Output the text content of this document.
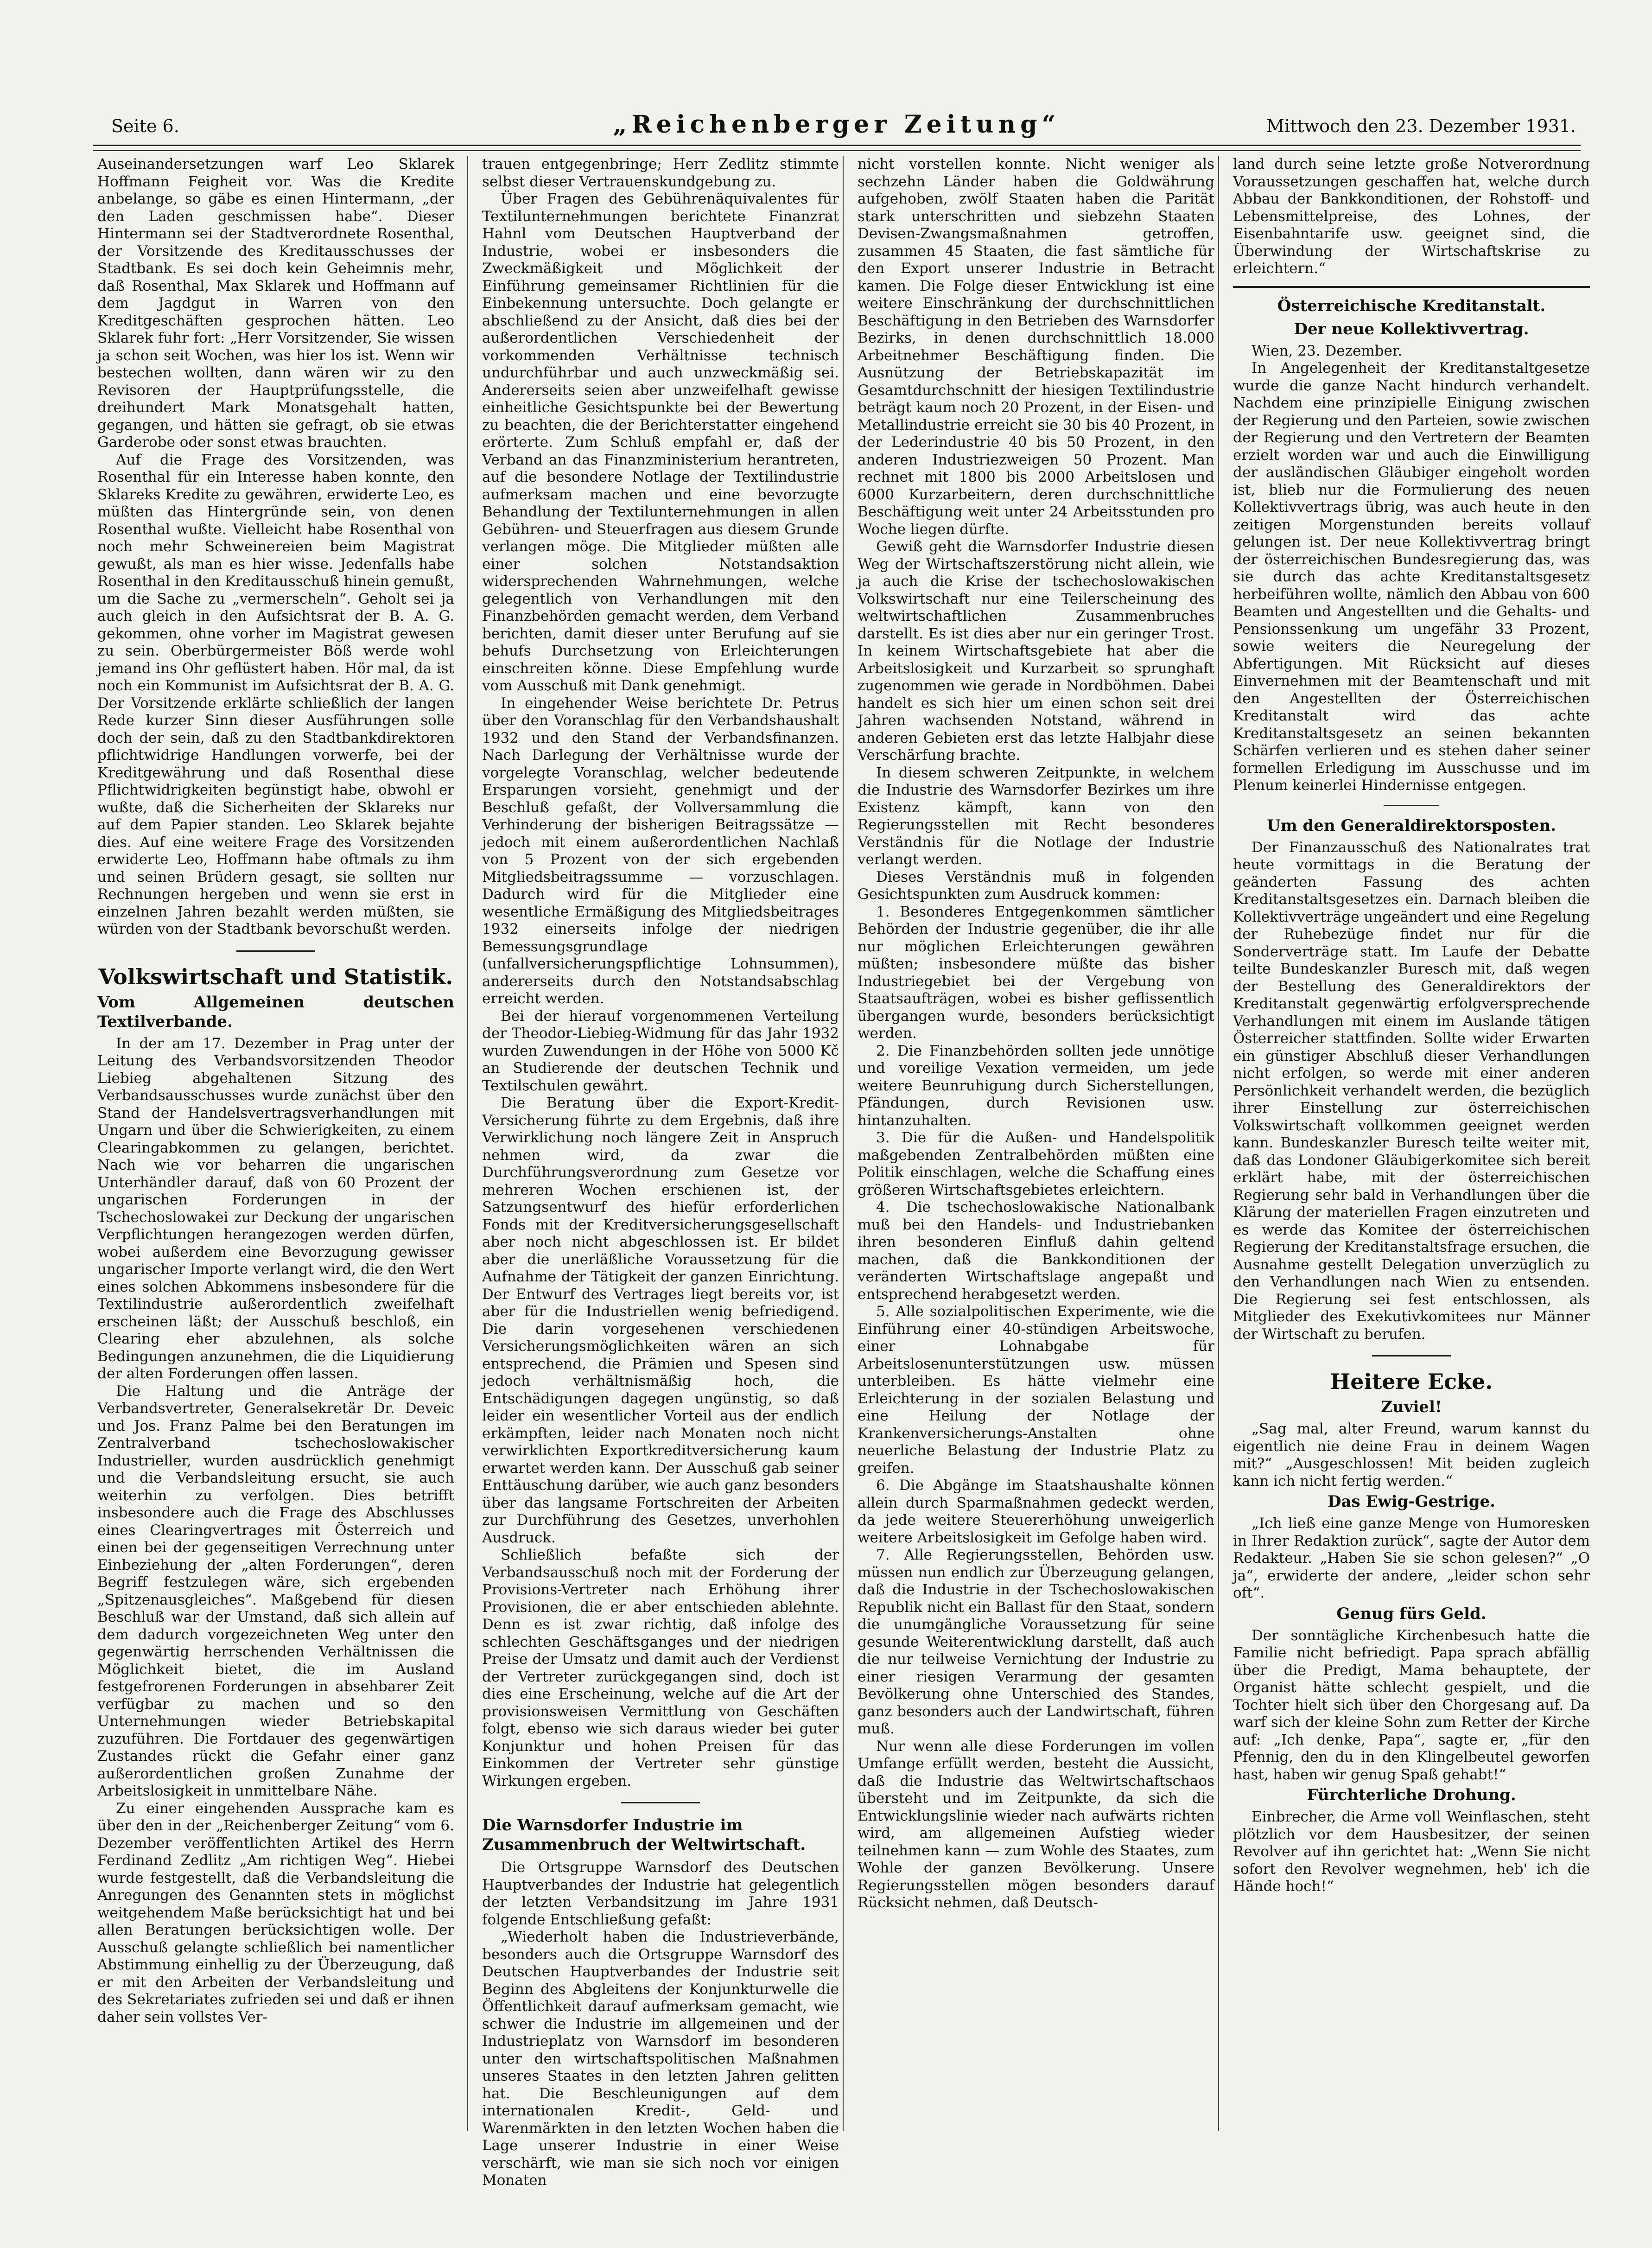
Seite 6.	„Reichenberger Zeitung“	Mittwoch den 23. Dezember 1931.

Auseinandersetzungen warf Leo Sklarek Hoffmann Feigheit vor. Was die Kredite anbelange, so gäbe es einen Hintermann, „der den Laden geschmissen habe“. Dieser Hintermann sei der Stadtverordnete Rosenthal, der Vorsitzende des Kreditausschusses der Stadtbank. Es sei doch kein Geheimnis mehr, daß Rosenthal, Max Sklarek und Hoffmann auf dem Jagdgut in Warren von den Kreditgeschäften gesprochen hätten. Leo Sklarek fuhr fort: „Herr Vorsitzender, Sie wissen ja schon seit Wochen, was hier los ist. Wenn wir bestechen wollten, dann wären wir zu den Revisoren der Hauptprüfungsstelle, die dreihundert Mark Monatsgehalt hatten, gegangen, und hätten sie gefragt, ob sie etwas Garderobe oder sonst etwas brauchten.

Auf die Frage des Vorsitzenden, was Rosenthal für ein Interesse haben konnte, den Sklareks Kredite zu gewähren, erwiderte Leo, es müßten das Hintergründe sein, von denen Rosenthal wußte. Vielleicht habe Rosenthal von noch mehr Schweinereien beim Magistrat gewußt, als man es hier wisse. Jedenfalls habe Rosenthal in den Kreditausschuß hinein gemußt, um die Sache zu „vermerscheln“. Geholt sei ja auch gleich in den Aufsichtsrat der B. A. G. gekommen, ohne vorher im Magistrat gewesen zu sein. Oberbürgermeister Böß werde wohl jemand ins Ohr geflüstert haben. Hör mal, da ist noch ein Kommunist im Aufsichtsrat der B. A. G. Der Vorsitzende erklärte schließlich der langen Rede kurzer Sinn dieser Ausführungen solle doch der sein, daß zu den Stadtbankdirektoren pflichtwidrige Handlungen vorwerfe, bei der Kreditgewährung und daß Rosenthal diese Pflichtwidrigkeiten begünstigt habe, obwohl er wußte, daß die Sicherheiten der Sklareks nur auf dem Papier standen. Leo Sklarek bejahte dies. Auf eine weitere Frage des Vorsitzenden erwiderte Leo, Hoffmann habe oftmals zu ihm und seinen Brüdern gesagt, sie sollten nur Rechnungen hergeben und wenn sie erst in einzelnen Jahren bezahlt werden müßten, sie würden von der Stadtbank bevorschußt werden.

Volkswirtschaft und Statistik.
Vom Allgemeinen deutschen Textilverbande.

In der am 17. Dezember in Prag unter der Leitung des Verbandsvorsitzenden Theodor Liebieg abgehaltenen Sitzung des Verbandsausschusses wurde zunächst über den Stand der Handelsvertragsverhandlungen mit Ungarn und über die Schwierigkeiten, zu einem Clearingabkommen zu gelangen, berichtet. Nach wie vor beharren die ungarischen Unterhändler darauf, daß von 60 Prozent der ungarischen Forderungen in der Tschechoslowakei zur Deckung der ungarischen Verpflichtungen herangezogen werden dürfen, wobei außerdem eine Bevorzugung gewisser ungarischer Importe verlangt wird, die den Wert eines solchen Abkommens insbesondere für die Textilindustrie außerordentlich zweifelhaft erscheinen läßt; der Ausschuß beschloß, ein Clearing eher abzulehnen, als solche Bedingungen anzunehmen, die die Liquidierung der alten Forderungen offen lassen.

Die Haltung und die Anträge der Verbandsvertreter, Generalsekretär Dr. Deveic und Jos. Franz Palme bei den Beratungen im Zentralverband tschechoslowakischer Industrieller, wurden ausdrücklich genehmigt und die Verbandsleitung ersucht, sie auch weiterhin zu verfolgen. Dies betrifft insbesondere auch die Frage des Abschlusses eines Clearingvertrages mit Österreich und einen bei der gegenseitigen Verrechnung unter Einbeziehung der „alten Forderungen“, deren Begriff festzulegen wäre, sich ergebenden „Spitzenausgleiches“. Maßgebend für diesen Beschluß war der Umstand, daß sich allein auf dem dadurch vorgezeichneten Weg unter den gegenwärtig herrschenden Verhältnissen die Möglichkeit bietet, die im Ausland festgefrorenen Forderungen in absehbarer Zeit verfügbar zu machen und so den Unternehmungen wieder Betriebskapital zuzuführen. Die Fortdauer des gegenwärtigen Zustandes rückt die Gefahr einer ganz außerordentlichen großen Zunahme der Arbeitslosigkeit in unmittelbare Nähe.

Zu einer eingehenden Aussprache kam es über den in der „Reichenberger Zeitung“ vom 6. Dezember veröffentlichten Artikel des Herrn Ferdinand Zedlitz „Am richtigen Weg“. Hiebei wurde festgestellt, daß die Verbandsleitung die Anregungen des Genannten stets in möglichst weitgehendem Maße berücksichtigt hat und bei allen Beratungen berücksichtigen wolle. Der Ausschuß gelangte schließlich bei namentlicher Abstimmung einhellig zu der Überzeugung, daß er mit den Arbeiten der Verbandsleitung und des Sekretariates zufrieden sei und daß er ihnen daher sein vollstes Ver-

trauen entgegenbringe; Herr Zedlitz stimmte selbst dieser Vertrauenskundgebung zu.

Über Fragen des Gebührenäquivalentes für Textilunternehmungen berichtete Finanzrat Hahnl vom Deutschen Hauptverband der Industrie, wobei er insbesonders die Zweckmäßigkeit und Möglichkeit der Einführung gemeinsamer Richtlinien für die Einbekennung untersuchte. Doch gelangte er abschließend zu der Ansicht, daß dies bei der außerordentlichen Verschiedenheit der vorkommenden Verhältnisse technisch undurchführbar und auch unzweckmäßig sei. Andererseits seien aber unzweifelhaft gewisse einheitliche Gesichtspunkte bei der Bewertung zu beachten, die der Berichterstatter eingehend erörterte. Zum Schluß empfahl er, daß der Verband an das Finanzministerium herantreten, auf die besondere Notlage der Textilindustrie aufmerksam machen und eine bevorzugte Behandlung der Textilunternehmungen in allen Gebühren- und Steuerfragen aus diesem Grunde verlangen möge. Die Mitglieder müßten alle einer solchen Notstandsaktion widersprechenden Wahrnehmungen, welche gelegentlich von Verhandlungen mit den Finanzbehörden gemacht werden, dem Verband berichten, damit dieser unter Berufung auf sie behufs Durchsetzung von Erleichterungen einschreiten könne. Diese Empfehlung wurde vom Ausschuß mit Dank genehmigt.

In eingehender Weise berichtete Dr. Petrus über den Voranschlag für den Verbandshaushalt 1932 und den Stand der Verbandsfinanzen. Nach Darlegung der Verhältnisse wurde der vorgelegte Voranschlag, welcher bedeutende Ersparungen vorsieht, genehmigt und der Beschluß gefaßt, der Vollversammlung die Verhinderung der bisherigen Beitragssätze — jedoch mit einem außerordentlichen Nachlaß von 5 Prozent von der sich ergebenden Mitgliedsbeitragssumme — vorzuschlagen. Dadurch wird für die Mitglieder eine wesentliche Ermäßigung des Mitgliedsbeitrages 1932 einerseits infolge der niedrigen Bemessungsgrundlage (unfallversicherungspflichtige Lohnsummen), andererseits durch den Notstandsabschlag erreicht werden.

Bei der hierauf vorgenommenen Verteilung der Theodor-Liebieg-Widmung für das Jahr 1932 wurden Zuwendungen in der Höhe von 5000 Kč an Studierende der deutschen Technik und Textilschulen gewährt.

Die Beratung über die Export-Kredit-Versicherung führte zu dem Ergebnis, daß ihre Verwirklichung noch längere Zeit in Anspruch nehmen wird, da zwar die Durchführungsverordnung zum Gesetze vor mehreren Wochen erschienen ist, der Satzungsentwurf des hiefür erforderlichen Fonds mit der Kreditversicherungsgesellschaft aber noch nicht abgeschlossen ist. Er bildet aber die unerläßliche Voraussetzung für die Aufnahme der Tätigkeit der ganzen Einrichtung. Der Entwurf des Vertrages liegt bereits vor, ist aber für die Industriellen wenig befriedigend. Die darin vorgesehenen verschiedenen Versicherungsmöglichkeiten wären an sich entsprechend, die Prämien und Spesen sind jedoch verhältnismäßig hoch, die Entschädigungen dagegen ungünstig, so daß leider ein wesentlicher Vorteil aus der endlich erkämpften, leider nach Monaten noch nicht verwirklichten Exportkreditversicherung kaum erwartet werden kann. Der Ausschuß gab seiner Enttäuschung darüber, wie auch ganz besonders über das langsame Fortschreiten der Arbeiten zur Durchführung des Gesetzes, unverhohlen Ausdruck.

Schließlich befaßte sich der Verbandsausschuß noch mit der Forderung der Provisions-Vertreter nach Erhöhung ihrer Provisionen, die er aber entschieden ablehnte. Denn es ist zwar richtig, daß infolge des schlechten Geschäftsganges und der niedrigen Preise der Umsatz und damit auch der Verdienst der Vertreter zurückgegangen sind, doch ist dies eine Erscheinung, welche auf die Art der provisionsweisen Vermittlung von Geschäften folgt, ebenso wie sich daraus wieder bei guter Konjunktur und hohen Preisen für das Einkommen der Vertreter sehr günstige Wirkungen ergeben.

Die Warnsdorfer Industrie im Zusammenbruch der Weltwirtschaft.

Die Ortsgruppe Warnsdorf des Deutschen Hauptverbandes der Industrie hat gelegentlich der letzten Verbandsitzung im Jahre 1931 folgende Entschließung gefaßt:

„Wiederholt haben die Industrieverbände, besonders auch die Ortsgruppe Warnsdorf des Deutschen Hauptverbandes der Industrie seit Beginn des Abgleitens der Konjunkturwelle die Öffentlichkeit darauf aufmerksam gemacht, wie schwer die Industrie im allgemeinen und der Industrieplatz von Warnsdorf im besonderen unter den wirtschaftspolitischen Maßnahmen unseres Staates in den letzten Jahren gelitten hat. Die Beschleunigungen auf dem internationalen Kredit-, Geld- und Warenmärkten in den letzten Wochen haben die Lage unserer Industrie in einer Weise verschärft, wie man sie sich noch vor einigen Monaten

nicht vorstellen konnte. Nicht weniger als sechzehn Länder haben die Goldwährung aufgehoben, zwölf Staaten haben die Parität stark unterschritten und siebzehn Staaten Devisen-Zwangsmaßnahmen getroffen, zusammen 45 Staaten, die fast sämtliche für den Export unserer Industrie in Betracht kamen. Die Folge dieser Entwicklung ist eine weitere Einschränkung der durchschnittlichen Beschäftigung in den Betrieben des Warnsdorfer Bezirks, in denen durchschnittlich 18.000 Arbeitnehmer Beschäftigung finden. Die Ausnützung der Betriebskapazität im Gesamtdurchschnitt der hiesigen Textilindustrie beträgt kaum noch 20 Prozent, in der Eisen- und Metallindustrie erreicht sie 30 bis 40 Prozent, in der Lederindustrie 40 bis 50 Prozent, in den anderen Industriezweigen 50 Prozent. Man rechnet mit 1800 bis 2000 Arbeitslosen und 6000 Kurzarbeitern, deren durchschnittliche Beschäftigung weit unter 24 Arbeitsstunden pro Woche liegen dürfte.

Gewiß geht die Warnsdorfer Industrie diesen Weg der Wirtschaftszerstörung nicht allein, wie ja auch die Krise der tschechoslowakischen Volkswirtschaft nur eine Teilerscheinung des weltwirtschaftlichen Zusammenbruches darstellt. Es ist dies aber nur ein geringer Trost. In keinem Wirtschaftsgebiete hat aber die Arbeitslosigkeit und Kurzarbeit so sprunghaft zugenommen wie gerade in Nordböhmen. Dabei handelt es sich hier um einen schon seit drei Jahren wachsenden Notstand, während in anderen Gebieten erst das letzte Halbjahr diese Verschärfung brachte.

In diesem schweren Zeitpunkte, in welchem die Industrie des Warnsdorfer Bezirkes um ihre Existenz kämpft, kann von den Regierungsstellen mit Recht besonderes Verständnis für die Notlage der Industrie verlangt werden.

Dieses Verständnis muß in folgenden Gesichtspunkten zum Ausdruck kommen:

1. Besonderes Entgegenkommen sämtlicher Behörden der Industrie gegenüber, die ihr alle nur möglichen Erleichterungen gewähren müßten; insbesondere müßte das bisher Industriegebiet bei der Vergebung von Staatsaufträgen, wobei es bisher geflissentlich übergangen wurde, besonders berücksichtigt werden.

2. Die Finanzbehörden sollten jede unnötige und voreilige Vexation vermeiden, um jede weitere Beunruhigung durch Sicherstellungen, Pfändungen, durch Revisionen usw. hintanzuhalten.

3. Die für die Außen- und Handelspolitik maßgebenden Zentralbehörden müßten eine Politik einschlagen, welche die Schaffung eines größeren Wirtschaftsgebietes erleichtern.

4. Die tschechoslowakische Nationalbank muß bei den Handels- und Industriebanken ihren besonderen Einfluß dahin geltend machen, daß die Bankkonditionen der veränderten Wirtschaftslage angepaßt und entsprechend herabgesetzt werden.

5. Alle sozialpolitischen Experimente, wie die Einführung einer 40-stündigen Arbeitswoche, einer Lohnabgabe für Arbeitslosenunterstützungen usw. müssen unterbleiben. Es hätte vielmehr eine Erleichterung in der sozialen Belastung und eine Heilung der Notlage der Krankenversicherungs-Anstalten ohne neuerliche Belastung der Industrie Platz zu greifen.

6. Die Abgänge im Staatshaushalte können allein durch Sparmaßnahmen gedeckt werden, da jede weitere Steuererhöhung unweigerlich weitere Arbeitslosigkeit im Gefolge haben wird.

7. Alle Regierungsstellen, Behörden usw. müssen nun endlich zur Überzeugung gelangen, daß die Industrie in der Tschechoslowakischen Republik nicht ein Ballast für den Staat, sondern die unumgängliche Voraussetzung für seine gesunde Weiterentwicklung darstellt, daß auch die nur teilweise Vernichtung der Industrie zu einer riesigen Verarmung der gesamten Bevölkerung ohne Unterschied des Standes, ganz besonders auch der Landwirtschaft, führen muß.

Nur wenn alle diese Forderungen im vollen Umfange erfüllt werden, besteht die Aussicht, daß die Industrie das Weltwirtschaftschaos übersteht und im Zeitpunkte, da sich die Entwicklungslinie wieder nach aufwärts richten wird, am allgemeinen Aufstieg wieder teilnehmen kann — zum Wohle des Staates, zum Wohle der ganzen Bevölkerung. Unsere Regierungsstellen mögen besonders darauf Rücksicht nehmen, daß Deutsch-

land durch seine letzte große Notverordnung Voraussetzungen geschaffen hat, welche durch Abbau der Bankkonditionen, der Rohstoff- und Lebensmittelpreise, des Lohnes, der Eisenbahntarife usw. geeignet sind, die Überwindung der Wirtschaftskrise zu erleichtern.“

Österreichische Kreditanstalt.
Der neue Kollektivvertrag.

Wien, 23. Dezember.

In Angelegenheit der Kreditanstaltgesetze wurde die ganze Nacht hindurch verhandelt. Nachdem eine prinzipielle Einigung zwischen der Regierung und den Parteien, sowie zwischen der Regierung und den Vertretern der Beamten erzielt worden war und auch die Einwilligung der ausländischen Gläubiger eingeholt worden ist, blieb nur die Formulierung des neuen Kollektivvertrags übrig, was auch heute in den zeitigen Morgenstunden bereits vollauf gelungen ist. Der neue Kollektivvertrag bringt der österreichischen Bundesregierung das, was sie durch das achte Kreditanstaltsgesetz herbeiführen wollte, nämlich den Abbau von 600 Beamten und Angestellten und die Gehalts- und Pensionssenkung um ungefähr 33 Prozent, sowie weiters die Neuregelung der Abfertigungen. Mit Rücksicht auf dieses Einvernehmen mit der Beamtenschaft und mit den Angestellten der Österreichischen Kreditanstalt wird das achte Kreditanstaltsgesetz an seinen bekannten Schärfen verlieren und es stehen daher seiner formellen Erledigung im Ausschusse und im Plenum keinerlei Hindernisse entgegen.

Um den Generaldirektorsposten.

Der Finanzausschuß des Nationalrates trat heute vormittags in die Beratung der geänderten Fassung des achten Kreditanstaltsgesetzes ein. Darnach bleiben die Kollektivverträge ungeändert und eine Regelung der Ruhebezüge findet nur für die Sonderverträge statt. Im Laufe der Debatte teilte Bundeskanzler Buresch mit, daß wegen der Bestellung des Generaldirektors der Kreditanstalt gegenwärtig erfolgversprechende Verhandlungen mit einem im Auslande tätigen Österreicher stattfinden. Sollte wider Erwarten ein günstiger Abschluß dieser Verhandlungen nicht erfolgen, so werde mit einer anderen Persönlichkeit verhandelt werden, die bezüglich ihrer Einstellung zur österreichischen Volkswirtschaft vollkommen geeignet werden kann. Bundeskanzler Buresch teilte weiter mit, daß das Londoner Gläubigerkomitee sich bereit erklärt habe, mit der österreichischen Regierung sehr bald in Verhandlungen über die Klärung der materiellen Fragen einzutreten und es werde das Komitee der österreichischen Regierung der Kreditanstaltsfrage ersuchen, die Ausnahme gestellt Delegation unverzüglich zu den Verhandlungen nach Wien zu entsenden. Die Regierung sei fest entschlossen, als Mitglieder des Exekutivkomitees nur Männer der Wirtschaft zu berufen.

Heitere Ecke.
Zuviel!

„Sag mal, alter Freund, warum kannst du eigentlich nie deine Frau in deinem Wagen mit?“ „Ausgeschlossen! Mit beiden zugleich kann ich nicht fertig werden.“

Das Ewig-Gestrige.

„Ich ließ eine ganze Menge von Humoresken in Ihrer Redaktion zurück“, sagte der Autor dem Redakteur. „Haben Sie sie schon gelesen?“ „O ja“, erwiderte der andere, „leider schon sehr oft“.

Genug fürs Geld.

Der sonntägliche Kirchenbesuch hatte die Familie nicht befriedigt. Papa sprach abfällig über die Predigt, Mama behauptete, der Organist hätte schlecht gespielt, und die Tochter hielt sich über den Chorgesang auf. Da warf sich der kleine Sohn zum Retter der Kirche auf: „Ich denke, Papa“, sagte er, „für den Pfennig, den du in den Klingelbeutel geworfen hast, haben wir genug Spaß gehabt!“

Fürchterliche Drohung.

Einbrecher, die Arme voll Weinflaschen, steht plötzlich vor dem Hausbesitzer, der seinen Revolver auf ihn gerichtet hat: „Wenn Sie nicht sofort den Revolver wegnehmen, heb' ich die Hände hoch!“
